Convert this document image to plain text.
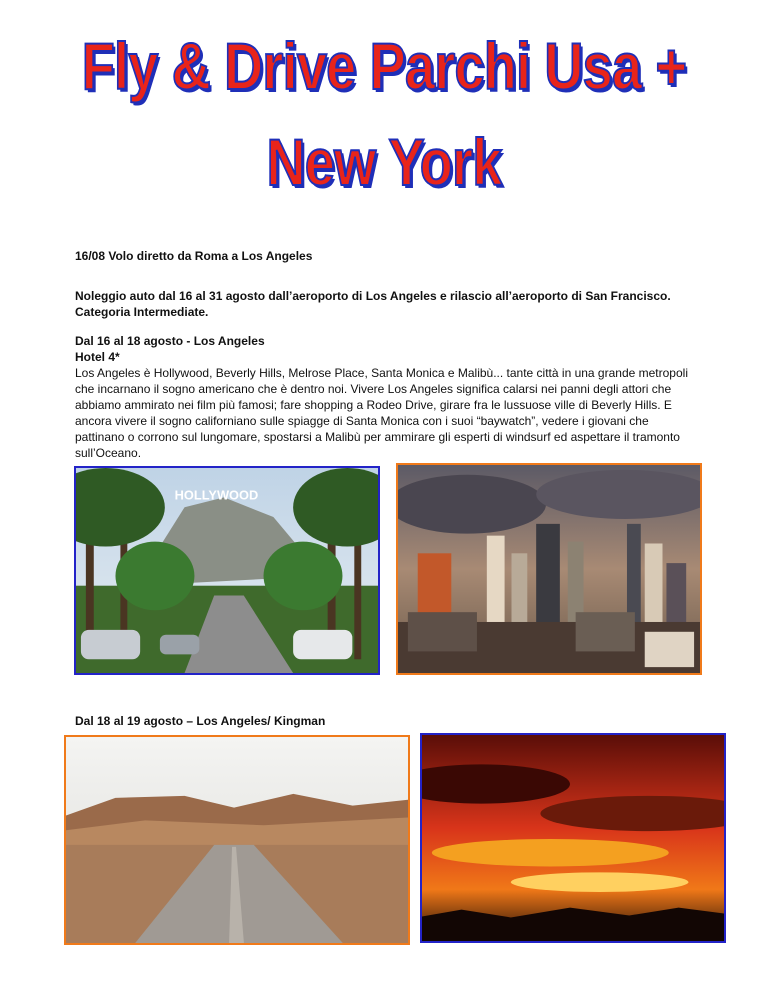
Fly & Drive Parchi Usa +
New York

16/08 Volo diretto da Roma a Los Angeles

Noleggio auto dal 16 al 31 agosto dall’aeroporto di Los Angeles e rilascio all’aeroporto di San Francisco.

Categoria Intermediate.

Dal 16 al 18 agosto - Los Angeles

Hotel 4*

Los Angeles è Hollywood, Beverly Hills, Melrose Place, Santa Monica e Malibù... tante città in una grande metropoli che incarnano il sogno americano che è dentro noi. Vivere Los Angeles significa calarsi nei panni degli attori che abbiamo ammirato nei film più famosi; fare shopping a Rodeo Drive, girare fra le lussuose ville di Beverly Hills. E ancora vivere il sogno californiano sulle spiagge di Santa Monica con i suoi “baywatch”, vedere i giovani che pattinano o corrono sul lungomare, spostarsi a Malibù per ammirare gli esperti di windsurf ed aspettare il tramonto sull’Oceano.

HOLLYWOOD

Dal 18 al 19 agosto – Los Angeles/ Kingman
